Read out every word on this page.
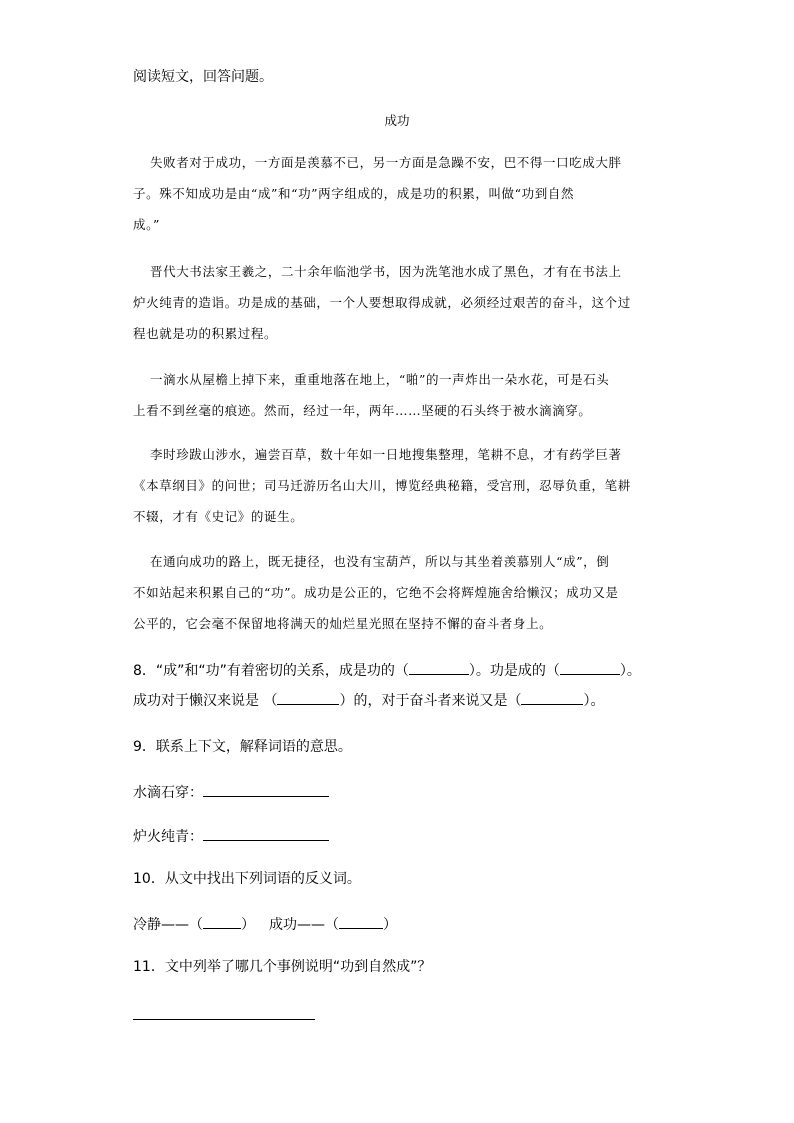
阅读短文，回答问题。
成功
失败者对于成功，一方面是羡慕不已，另一方面是急躁不安，巴不得一口吃成大胖
子。殊不知成功是由“成”和“功”两字组成的，成是功的积累，叫做“功到自然
成。”
晋代大书法家王羲之，二十余年临池学书，因为洗笔池水成了黑色，才有在书法上
炉火纯青的造诣。功是成的基础，一个人要想取得成就，必须经过艰苦的奋斗，这个过
程也就是功的积累过程。
一滴水从屋檐上掉下来，重重地落在地上，“啪”的一声炸出一朵水花，可是石头
上看不到丝毫的痕迹。然而，经过一年，两年……坚硬的石头终于被水滴滴穿。
李时珍跋山涉水，遍尝百草，数十年如一日地搜集整理，笔耕不息，才有药学巨著
《本草纲目》的问世；司马迁游历名山大川，博览经典秘籍，受宫刑，忍辱负重，笔耕
不辍，才有《史记》的诞生。
在通向成功的路上，既无捷径，也没有宝葫芦，所以与其坐着羡慕别人“成”，倒
不如站起来积累自己的“功”。成功是公正的，它绝不会将辉煌施舍给懒汉；成功又是
公平的，它会毫不保留地将满天的灿烂星光照在坚持不懈的奋斗者身上。
8．“成”和“功”有着密切的关系，成是功的（	）。功是成的（	）。
成功对于懒汉来说是 （	）的，对于奋斗者来说又是（	）。
9．联系上下文，解释词语的意思。
水滴石穿：
炉火纯青：
10．从文中找出下列词语的反义词。
冷静——（	） 成功——（	）
11．文中列举了哪几个事例说明“功到自然成”？
